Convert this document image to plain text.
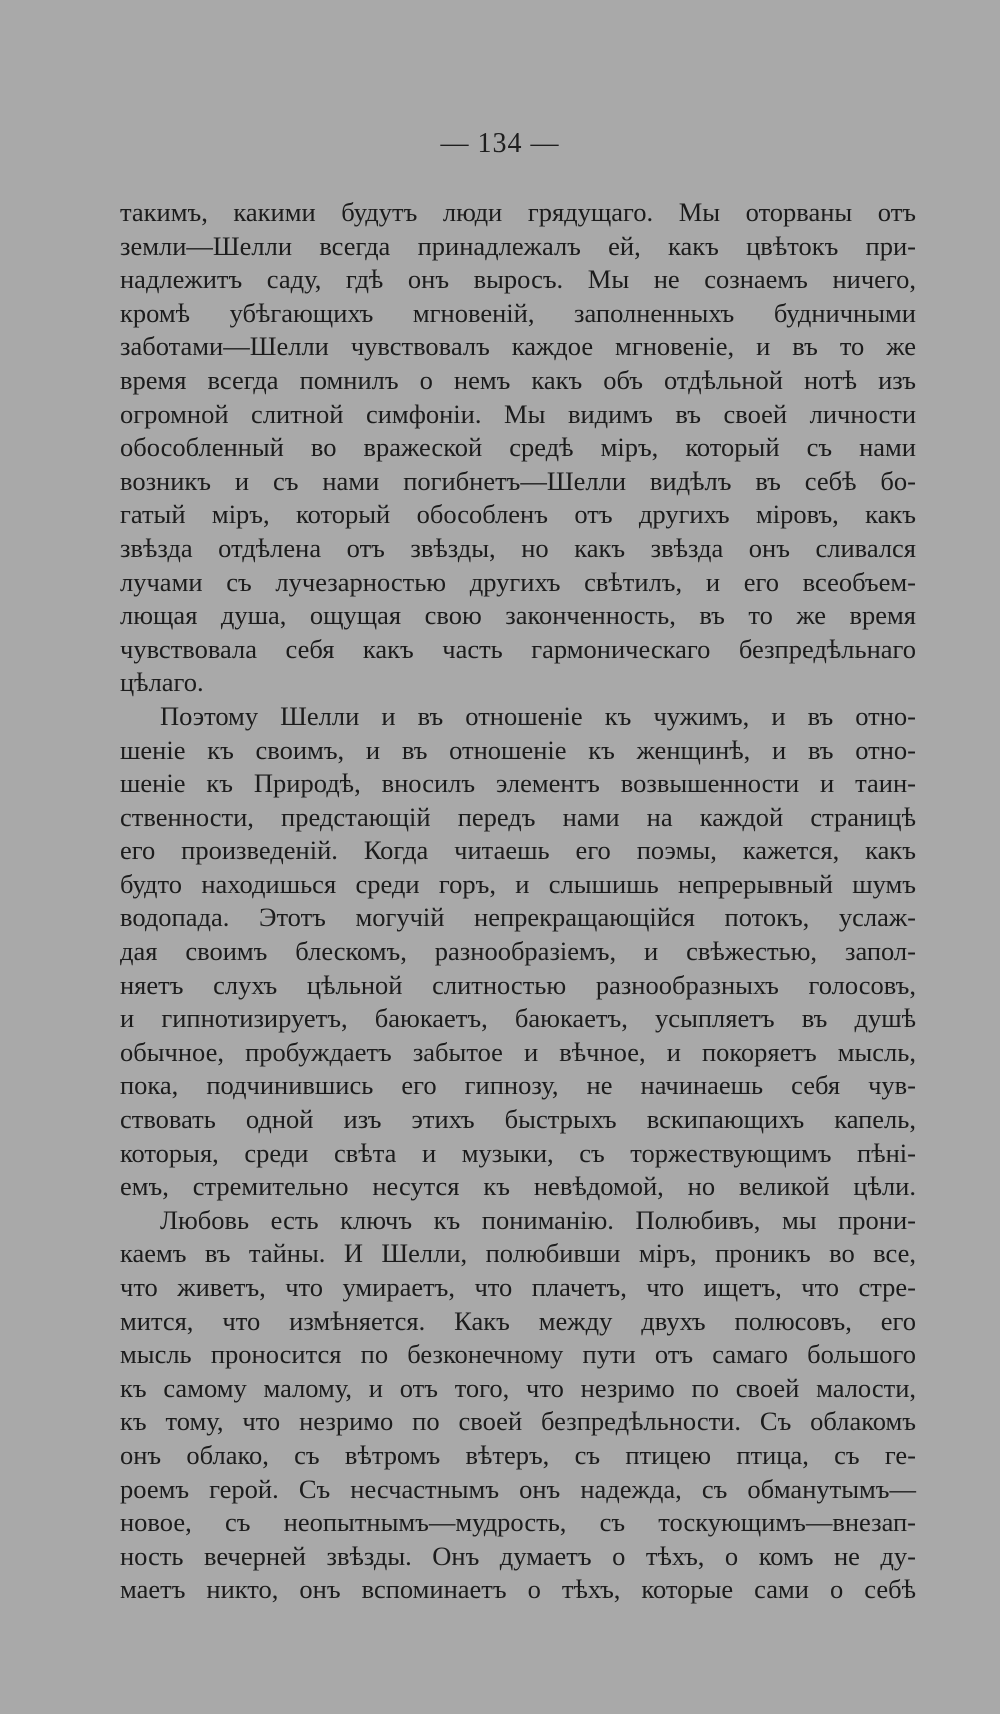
— 134 —
такимъ, какими будутъ люди грядущаго. Мы оторваны отъ
земли—Шелли всегда принадлежалъ ей, какъ цвѣтокъ при-
надлежитъ саду, гдѣ онъ выросъ. Мы не сознаемъ ничего,
кромѣ убѣгающихъ мгновеній, заполненныхъ будничными
заботами—Шелли чувствовалъ каждое мгновеніе, и въ то же
время всегда помнилъ о немъ какъ объ отдѣльной нотѣ изъ
огромной слитной симфоніи. Мы видимъ въ своей личности
обособленный во вражеской средѣ міръ, который съ нами
возникъ и съ нами погибнетъ—Шелли видѣлъ въ себѣ бо-
гатый міръ, который обособленъ отъ другихъ міровъ, какъ
звѣзда отдѣлена отъ звѣзды, но какъ звѣзда онъ сливался
лучами съ лучезарностью другихъ свѣтилъ, и его всеобъем-
лющая душа, ощущая свою законченность, въ то же время
чувствовала себя какъ часть гармоническаго безпредѣльнаго
цѣлаго.
Поэтому Шелли и въ отношеніе къ чужимъ, и въ отно-
шеніе къ своимъ, и въ отношеніе къ женщинѣ, и въ отно-
шеніе къ Природѣ, вносилъ элементъ возвышенности и таин-
ственности, предстающій передъ нами на каждой страницѣ
его произведеній. Когда читаешь его поэмы, кажется, какъ
будто находишься среди горъ, и слышишь непрерывный шумъ
водопада. Этотъ могучій непрекращающійся потокъ, услаж-
дая своимъ блескомъ, разнообразіемъ, и свѣжестью, запол-
няетъ слухъ цѣльной слитностью разнообразныхъ голосовъ,
и гипнотизируетъ, баюкаетъ, баюкаетъ, усыпляетъ въ душѣ
обычное, пробуждаетъ забытое и вѣчное, и покоряетъ мысль,
пока, подчинившись его гипнозу, не начинаешь себя чув-
ствовать одной изъ этихъ быстрыхъ вскипающихъ капель,
которыя, среди свѣта и музыки, съ торжествующимъ пѣні-
емъ, стремительно несутся къ невѣдомой, но великой цѣли.
Любовь есть ключъ къ пониманію. Полюбивъ, мы прони-
каемъ въ тайны. И Шелли, полюбивши міръ, проникъ во все,
что живетъ, что умираетъ, что плачетъ, что ищетъ, что стре-
мится, что измѣняется. Какъ между двухъ полюсовъ, его
мысль проносится по безконечному пути отъ самаго большого
къ самому малому, и отъ того, что незримо по своей малости,
къ тому, что незримо по своей безпредѣльности. Съ облакомъ
онъ облако, съ вѣтромъ вѣтеръ, съ птицею птица, съ ге-
роемъ герой. Съ несчастнымъ онъ надежда, съ обманутымъ—
новое, съ неопытнымъ—мудрость, съ тоскующимъ—внезап-
ность вечерней звѣзды. Онъ думаетъ о тѣхъ, о комъ не ду-
маетъ никто, онъ вспоминаетъ о тѣхъ, которые сами о себѣ
